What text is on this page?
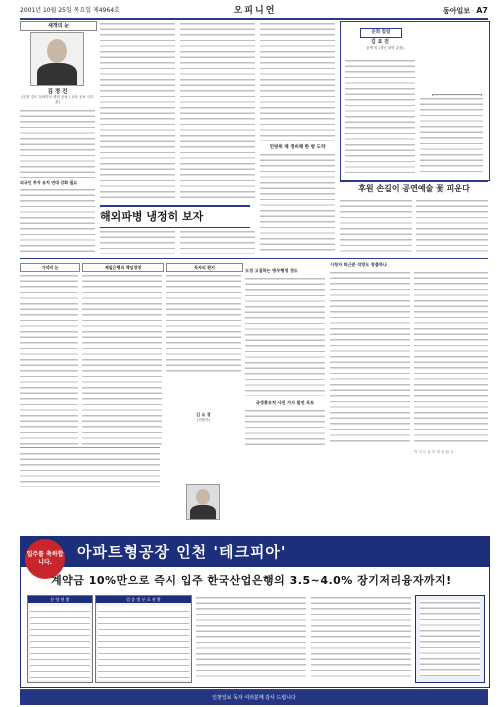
2001년 10월 25일 목요일 제4964호	오피니언	동아일보 A7
새개의 눈
김 정 진
(인천 강도 실에자치 센터 공용 / 교육 공보 사무관)
외국인 투자 유치 연대 강화 필요
해외파병 냉정히 보자
민방위 제 정비해 한 방 도약
문화 칼럼
김 요 진
윤병 외 (경인 대학 총장)
후원 손길이 공연예술 꽃 피운다
가석비 논	제일은행의 책임경영	독자의 편지
김 요 경
(전환사)
도정 고집하는 병무행정 정도
시청자 퇴근문 석방도 창출하나
국정홍보처 사진 가사 발전 포토
이 거 트 동 모 직 공 원 시
입주를 축하합니다.
아파트형공장 인천 '테크피아'
계약금 10%만으로 즉시 입주 한국산업은행의 3.5~4.0% 장기저리융자까지!
분 양 현 황	업 종 별 분 포 현 황
인천일보 독자 여러분께 감사 드립니다
